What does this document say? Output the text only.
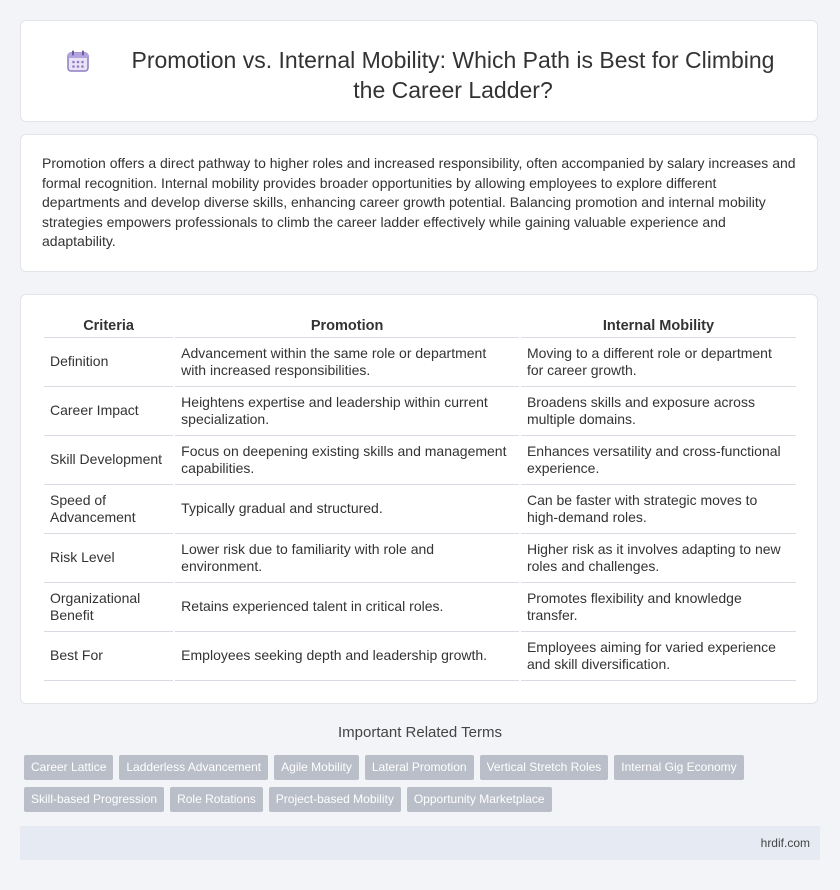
Promotion vs. Internal Mobility: Which Path is Best for Climbing the Career Ladder?

Promotion offers a direct pathway to higher roles and increased responsibility, often accompanied by salary increases and formal recognition. Internal mobility provides broader opportunities by allowing employees to explore different departments and develop diverse skills, enhancing career growth potential. Balancing promotion and internal mobility strategies empowers professionals to climb the career ladder effectively while gaining valuable experience and adaptability.

Criteria	Promotion	Internal Mobility
Definition	Advancement within the same role or department with increased responsibilities.	Moving to a different role or department for career growth.
Career Impact	Heightens expertise and leadership within current specialization.	Broadens skills and exposure across multiple domains.
Skill Development	Focus on deepening existing skills and management capabilities.	Enhances versatility and cross-functional experience.
Speed of Advancement	Typically gradual and structured.	Can be faster with strategic moves to high-demand roles.
Risk Level	Lower risk due to familiarity with role and environment.	Higher risk as it involves adapting to new roles and challenges.
Organizational Benefit	Retains experienced talent in critical roles.	Promotes flexibility and knowledge transfer.
Best For	Employees seeking depth and leadership growth.	Employees aiming for varied experience and skill diversification.
Important Related Terms
Career Lattice Ladderless Advancement Agile Mobility Lateral Promotion Vertical Stretch Roles Internal Gig Economy
Skill-based Progression Role Rotations Project-based Mobility Opportunity Marketplace
hrdif.com
